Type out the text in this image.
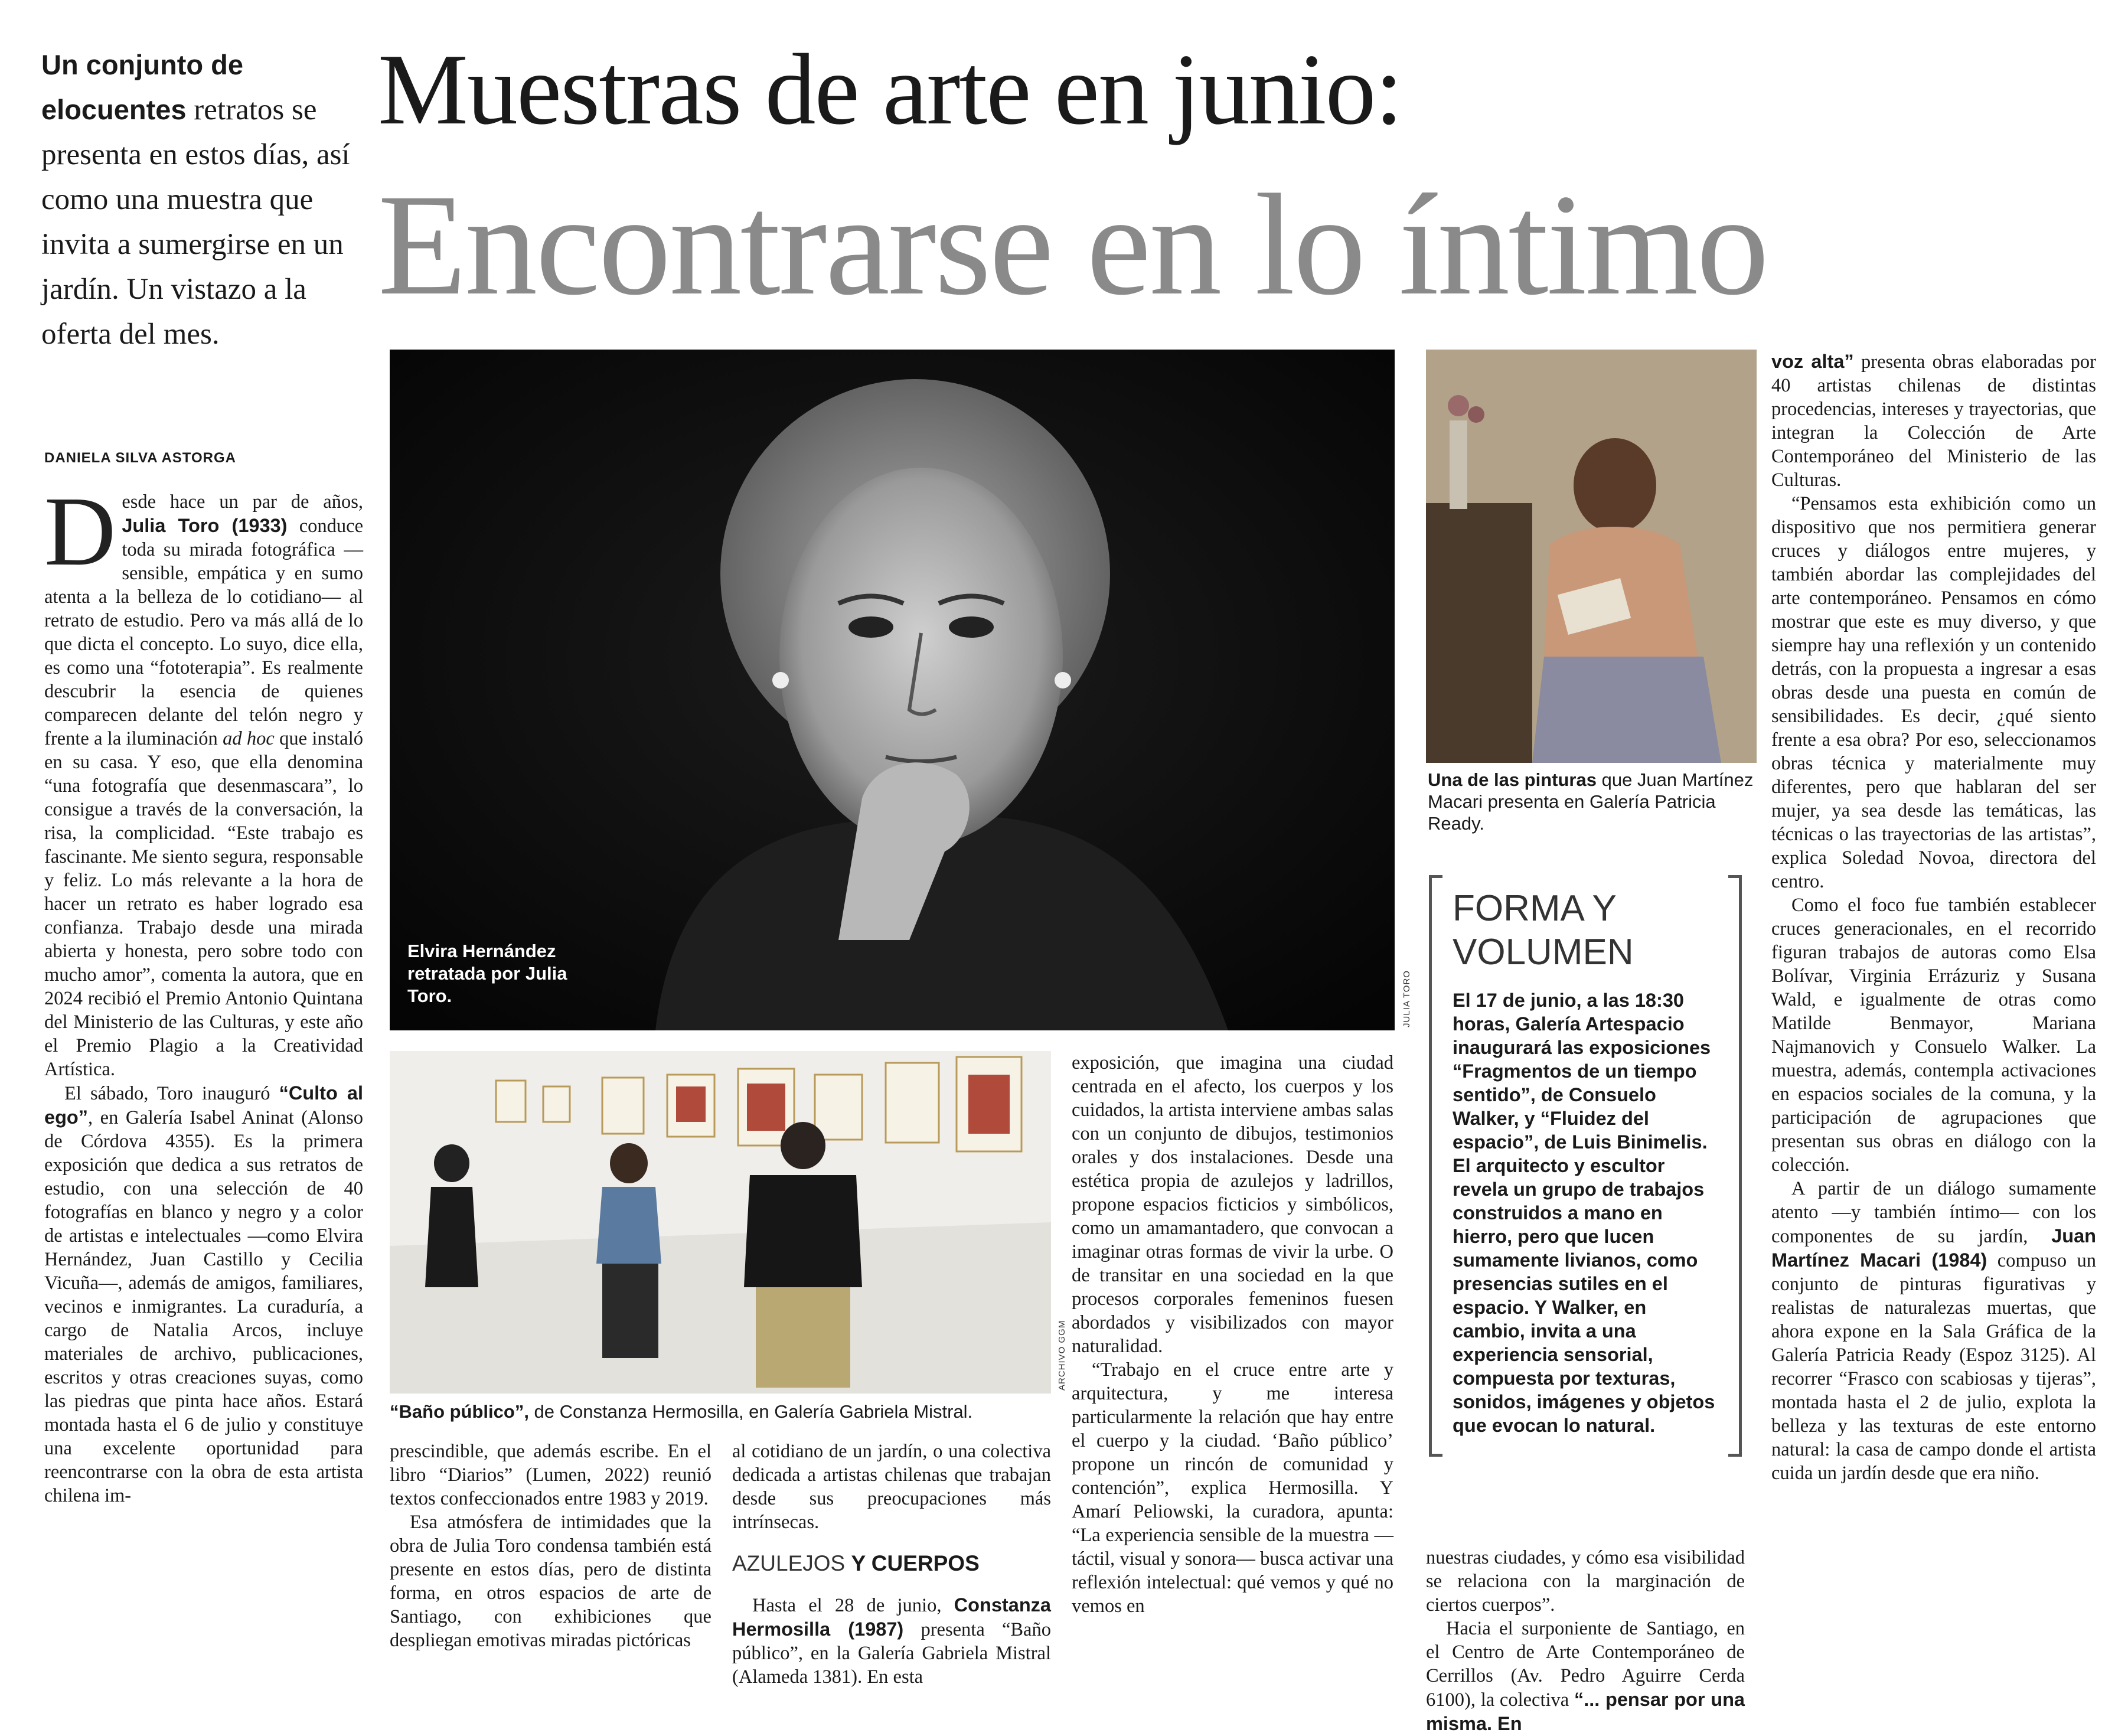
Un conjunto de elocuentes retratos se presenta en estos días, así como una muestra que invita a sumergirse en un jardín. Un vistazo a la oferta del mes.
Muestras de arte en junio:
Encontrarse en lo íntimo
DANIELA SILVA ASTORGA

Desde hace un par de años, Julia Toro (1933) conduce toda su mirada fotográfica —sensible, empática y en sumo atenta a la belleza de lo cotidiano— al retrato de estudio. Pero va más allá de lo que dicta el concepto. Lo suyo, dice ella, es como una “fototerapia”. Es realmente descubrir la esencia de quienes comparecen delante del telón negro y frente a la iluminación ad hoc que instaló en su casa. Y eso, que ella denomina “una fotografía que desenmascara”, lo consigue a través de la conversación, la risa, la complicidad. “Este trabajo es fascinante. Me siento segura, responsable y feliz. Lo más relevante a la hora de hacer un retrato es haber logrado esa confianza. Trabajo desde una mirada abierta y honesta, pero sobre todo con mucho amor”, comenta la autora, que en 2024 recibió el Premio Antonio Quintana del Ministerio de las Culturas, y este año el Premio Plagio a la Creatividad Artística.

El sábado, Toro inauguró “Culto al ego”, en Galería Isabel Aninat (Alonso de Córdova 4355). Es la primera exposición que dedica a sus retratos de estudio, con una selección de 40 fotografías en blanco y negro y a color de artistas e intelectuales —como Elvira Hernández, Juan Castillo y Cecilia Vicuña—, además de amigos, familiares, vecinos e inmigrantes. La curaduría, a cargo de Natalia Arcos, incluye materiales de archivo, publicaciones, escritos y otras creaciones suyas, como las piedras que pinta hace años. Estará montada hasta el 6 de julio y constituye una excelente oportunidad para reencontrarse con la obra de esta artista chilena im-

Elvira Hernández retratada por Julia Toro.	JULIA TORO
ARCHIVO GGM
“Baño público”, de Constanza Hermosilla, en Galería Gabriela Mistral.

prescindible, que además escribe. En el libro “Diarios” (Lumen, 2022) reunió textos confeccionados entre 1983 y 2019.

Esa atmósfera de intimidades que la obra de Julia Toro condensa también está presente en estos días, pero de distinta forma, en otros espacios de arte de Santiago, con exhibiciones que despliegan emotivas miradas pictóricas

al cotidiano de un jardín, o una colectiva dedicada a artistas chilenas que trabajan desde sus preocupaciones más intrínsecas.

AZULEJOS Y CUERPOS

Hasta el 28 de junio, Constanza Hermosilla (1987) presenta “Baño público”, en la Galería Gabriela Mistral (Alameda 1381). En esta

exposición, que imagina una ciudad centrada en el afecto, los cuerpos y los cuidados, la artista interviene ambas salas con un conjunto de dibujos, testimonios orales y dos instalaciones. Desde una estética propia de azulejos y ladrillos, propone espacios ficticios y simbólicos, como un amamantadero, que convocan a imaginar otras formas de vivir la urbe. O de transitar en una sociedad en la que procesos corporales femeninos fuesen abordados y visibilizados con mayor naturalidad.

“Trabajo en el cruce entre arte y arquitectura, y me interesa particularmente la relación que hay entre el cuerpo y la ciudad. ‘Baño público’ propone un rincón de comunidad y contención”, explica Hermosilla. Y Amarí Peliowski, la curadora, apunta: “La experiencia sensible de la muestra —táctil, visual y sonora— busca activar una reflexión intelectual: qué vemos y qué no vemos en

Una de las pinturas que Juan Martínez Macari presenta en Galería Patricia Ready.
FORMA Y VOLUMEN
El 17 de junio, a las 18:30 horas, Galería Artespacio inaugurará las exposiciones “Fragmentos de un tiempo sentido”, de Consuelo Walker, y “Fluidez del espacio”, de Luis Binimelis. El arquitecto y escultor revela un grupo de trabajos construidos a mano en hierro, pero que lucen sumamente livianos, como presencias sutiles en el espacio. Y Walker, en cambio, invita a una experiencia sensorial, compuesta por texturas, sonidos, imágenes y objetos que evocan lo natural.

nuestras ciudades, y cómo esa visibilidad se relaciona con la marginación de ciertos cuerpos”.

Hacia el surponiente de Santiago, en el Centro de Arte Contemporáneo de Cerrillos (Av. Pedro Aguirre Cerda 6100), la colectiva “... pensar por una misma. En

voz alta” presenta obras elaboradas por 40 artistas chilenas de distintas procedencias, intereses y trayectorias, que integran la Colección de Arte Contemporáneo del Ministerio de las Culturas.

“Pensamos esta exhibición como un dispositivo que nos permitiera generar cruces y diálogos entre mujeres, y también abordar las complejidades del arte contemporáneo. Pensamos en cómo mostrar que este es muy diverso, y que siempre hay una reflexión y un contenido detrás, con la propuesta a ingresar a esas obras desde una puesta en común de sensibilidades. Es decir, ¿qué siento frente a esa obra? Por eso, seleccionamos obras técnica y materialmente muy diferentes, pero que hablaran del ser mujer, ya sea desde las temáticas, las técnicas o las trayectorias de las artistas”, explica Soledad Novoa, directora del centro.

Como el foco fue también establecer cruces generacionales, en el recorrido figuran trabajos de autoras como Elsa Bolívar, Virginia Errázuriz y Susana Wald, e igualmente de otras como Matilde Benmayor, Mariana Najmanovich y Consuelo Walker. La muestra, además, contempla activaciones en espacios sociales de la comuna, y la participación de agrupaciones que presentan sus obras en diálogo con la colección.

A partir de un diálogo sumamente atento —y también íntimo— con los componentes de su jardín, Juan Martínez Macari (1984) compuso un conjunto de pinturas figurativas y realistas de naturalezas muertas, que ahora expone en la Sala Gráfica de la Galería Patricia Ready (Espoz 3125). Al recorrer “Frasco con scabiosas y tijeras”, montada hasta el 2 de julio, explota la belleza y las texturas de este entorno natural: la casa de campo donde el artista cuida un jardín desde que era niño.
